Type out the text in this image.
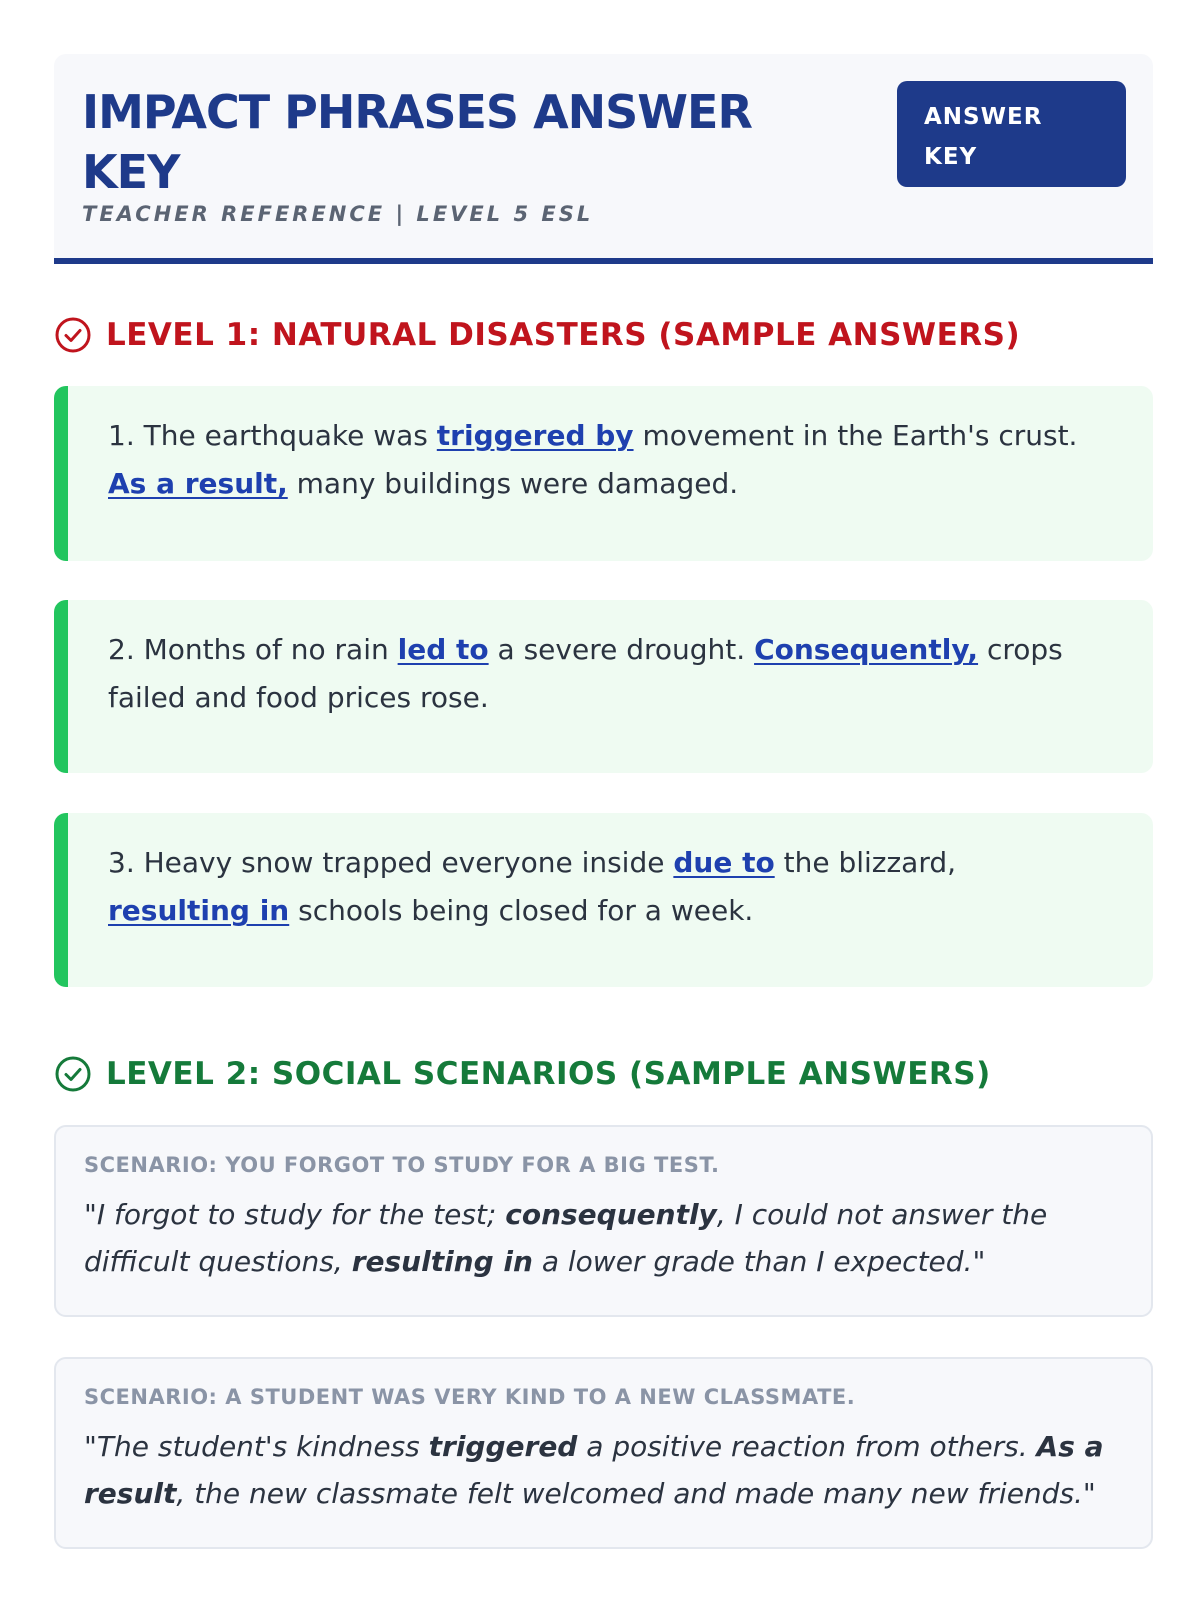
IMPACT PHRASES ANSWER KEY
TEACHER REFERENCE | LEVEL 5 ESL
ANSWER KEY
LEVEL 1: NATURAL DISASTERS (SAMPLE ANSWERS)

1. The earthquake was triggered by movement in the Earth's crust. As a result, many buildings were damaged.

2. Months of no rain led to a severe drought. Consequently, crops failed and food prices rose.

3. Heavy snow trapped everyone inside due to the blizzard, resulting in schools being closed for a week.

LEVEL 2: SOCIAL SCENARIOS (SAMPLE ANSWERS)
SCENARIO: YOU FORGOT TO STUDY FOR A BIG TEST.

"I forgot to study for the test; consequently, I could not answer the difficult questions, resulting in a lower grade than I expected."

SCENARIO: A STUDENT WAS VERY KIND TO A NEW CLASSMATE.

"The student's kindness triggered a positive reaction from others. As a result, the new classmate felt welcomed and made many new friends."
